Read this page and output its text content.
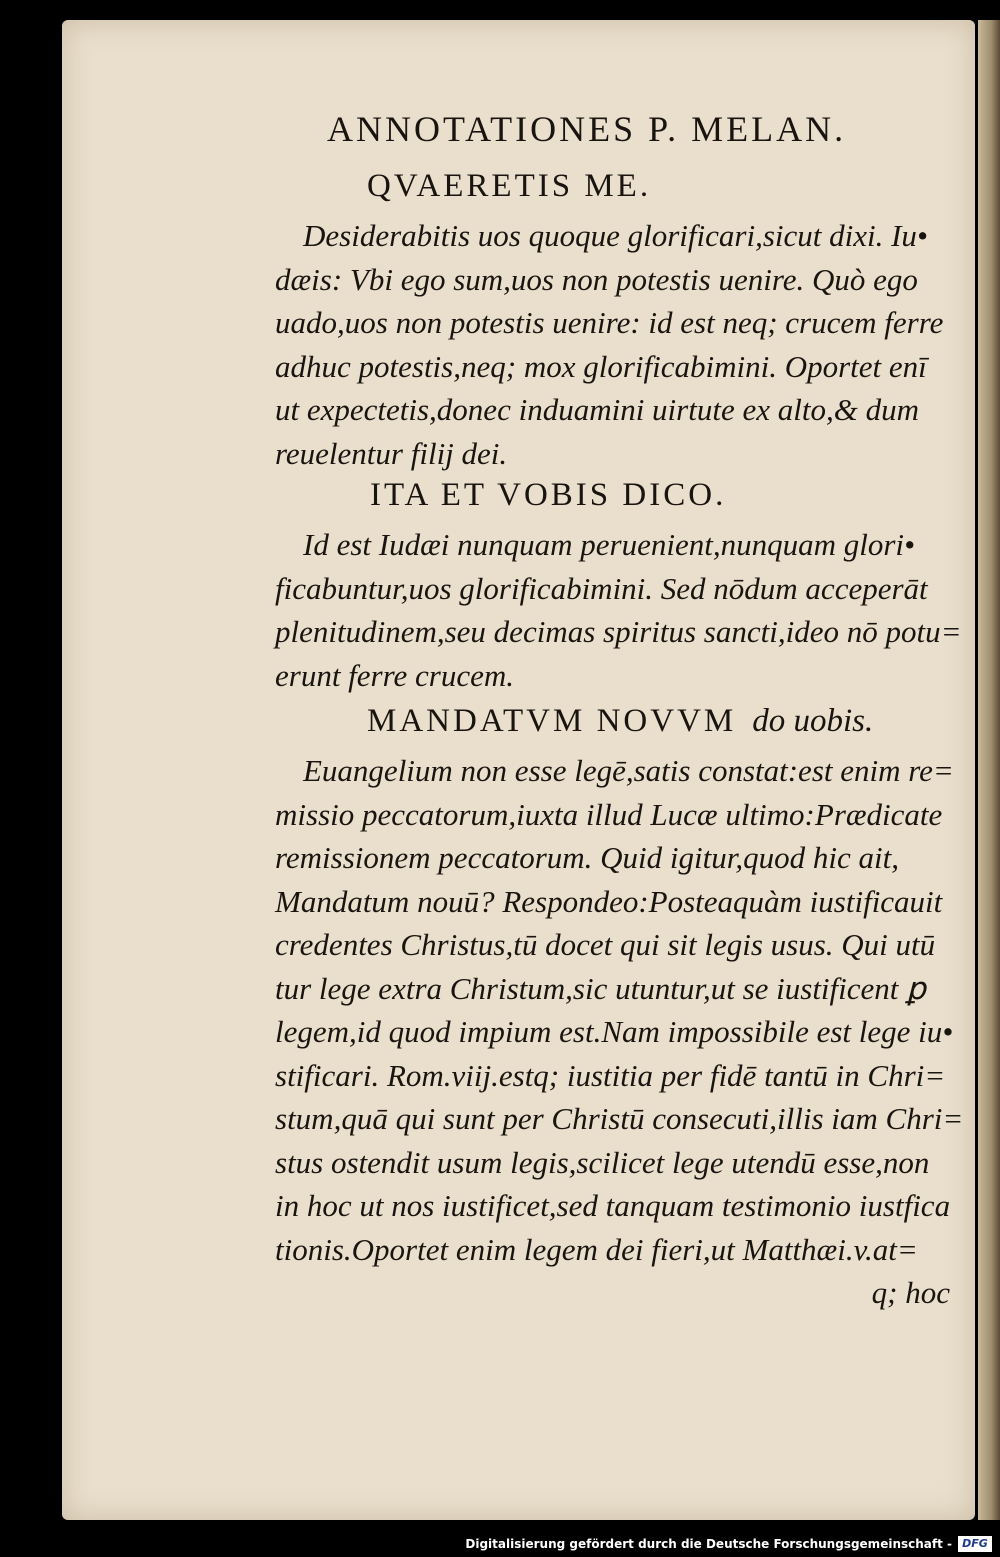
ANNOTATIONES P. MELAN.
QVAERETIS ME.

Desiderabitis uos quoque glorificari,sicut dixi. Iu•

dæis: Vbi ego sum,uos non potestis uenire. Quò ego

uado,uos non potestis uenire: id est neq; crucem ferre

adhuc potestis,neq; mox glorificabimini. Oportet enī

ut expectetis,donec induamini uirtute ex alto,& dum

reuelentur filij dei.

ITA ET VOBIS DICO.

Id est Iudæi nunquam peruenient,nunquam glori•

ficabuntur,uos glorificabimini. Sed nōdum acceperāt

plenitudinem,seu decimas spiritus sancti,ideo nō potu=

erunt ferre crucem.

MANDATVM NOVVM do uobis.

Euangelium non esse legē,satis constat:est enim re=

missio peccatorum,iuxta illud Lucæ ultimo:Prædicate

remissionem peccatorum. Quid igitur,quod hic ait,

Mandatum nouū? Respondeo:Posteaquàm iustificauit

credentes Christus,tū docet qui sit legis usus. Qui utū

tur lege extra Christum,sic utuntur,ut se iustificent ꝑ

legem,id quod impium est.Nam impossibile est lege iu•

stificari. Rom.viij.estq; iustitia per fidē tantū in Chri=

stum,quā qui sunt per Christū consecuti,illis iam Chri=

stus ostendit usum legis,scilicet lege utendū esse,non

in hoc ut nos iustificet,sed tanquam testimonio iustfica

tionis.Oportet enim legem dei fieri,ut Matthæi.v.at=

q; hoc

Digitalisierung gefördert durch die Deutsche Forschungsgemeinschaft - DFG
